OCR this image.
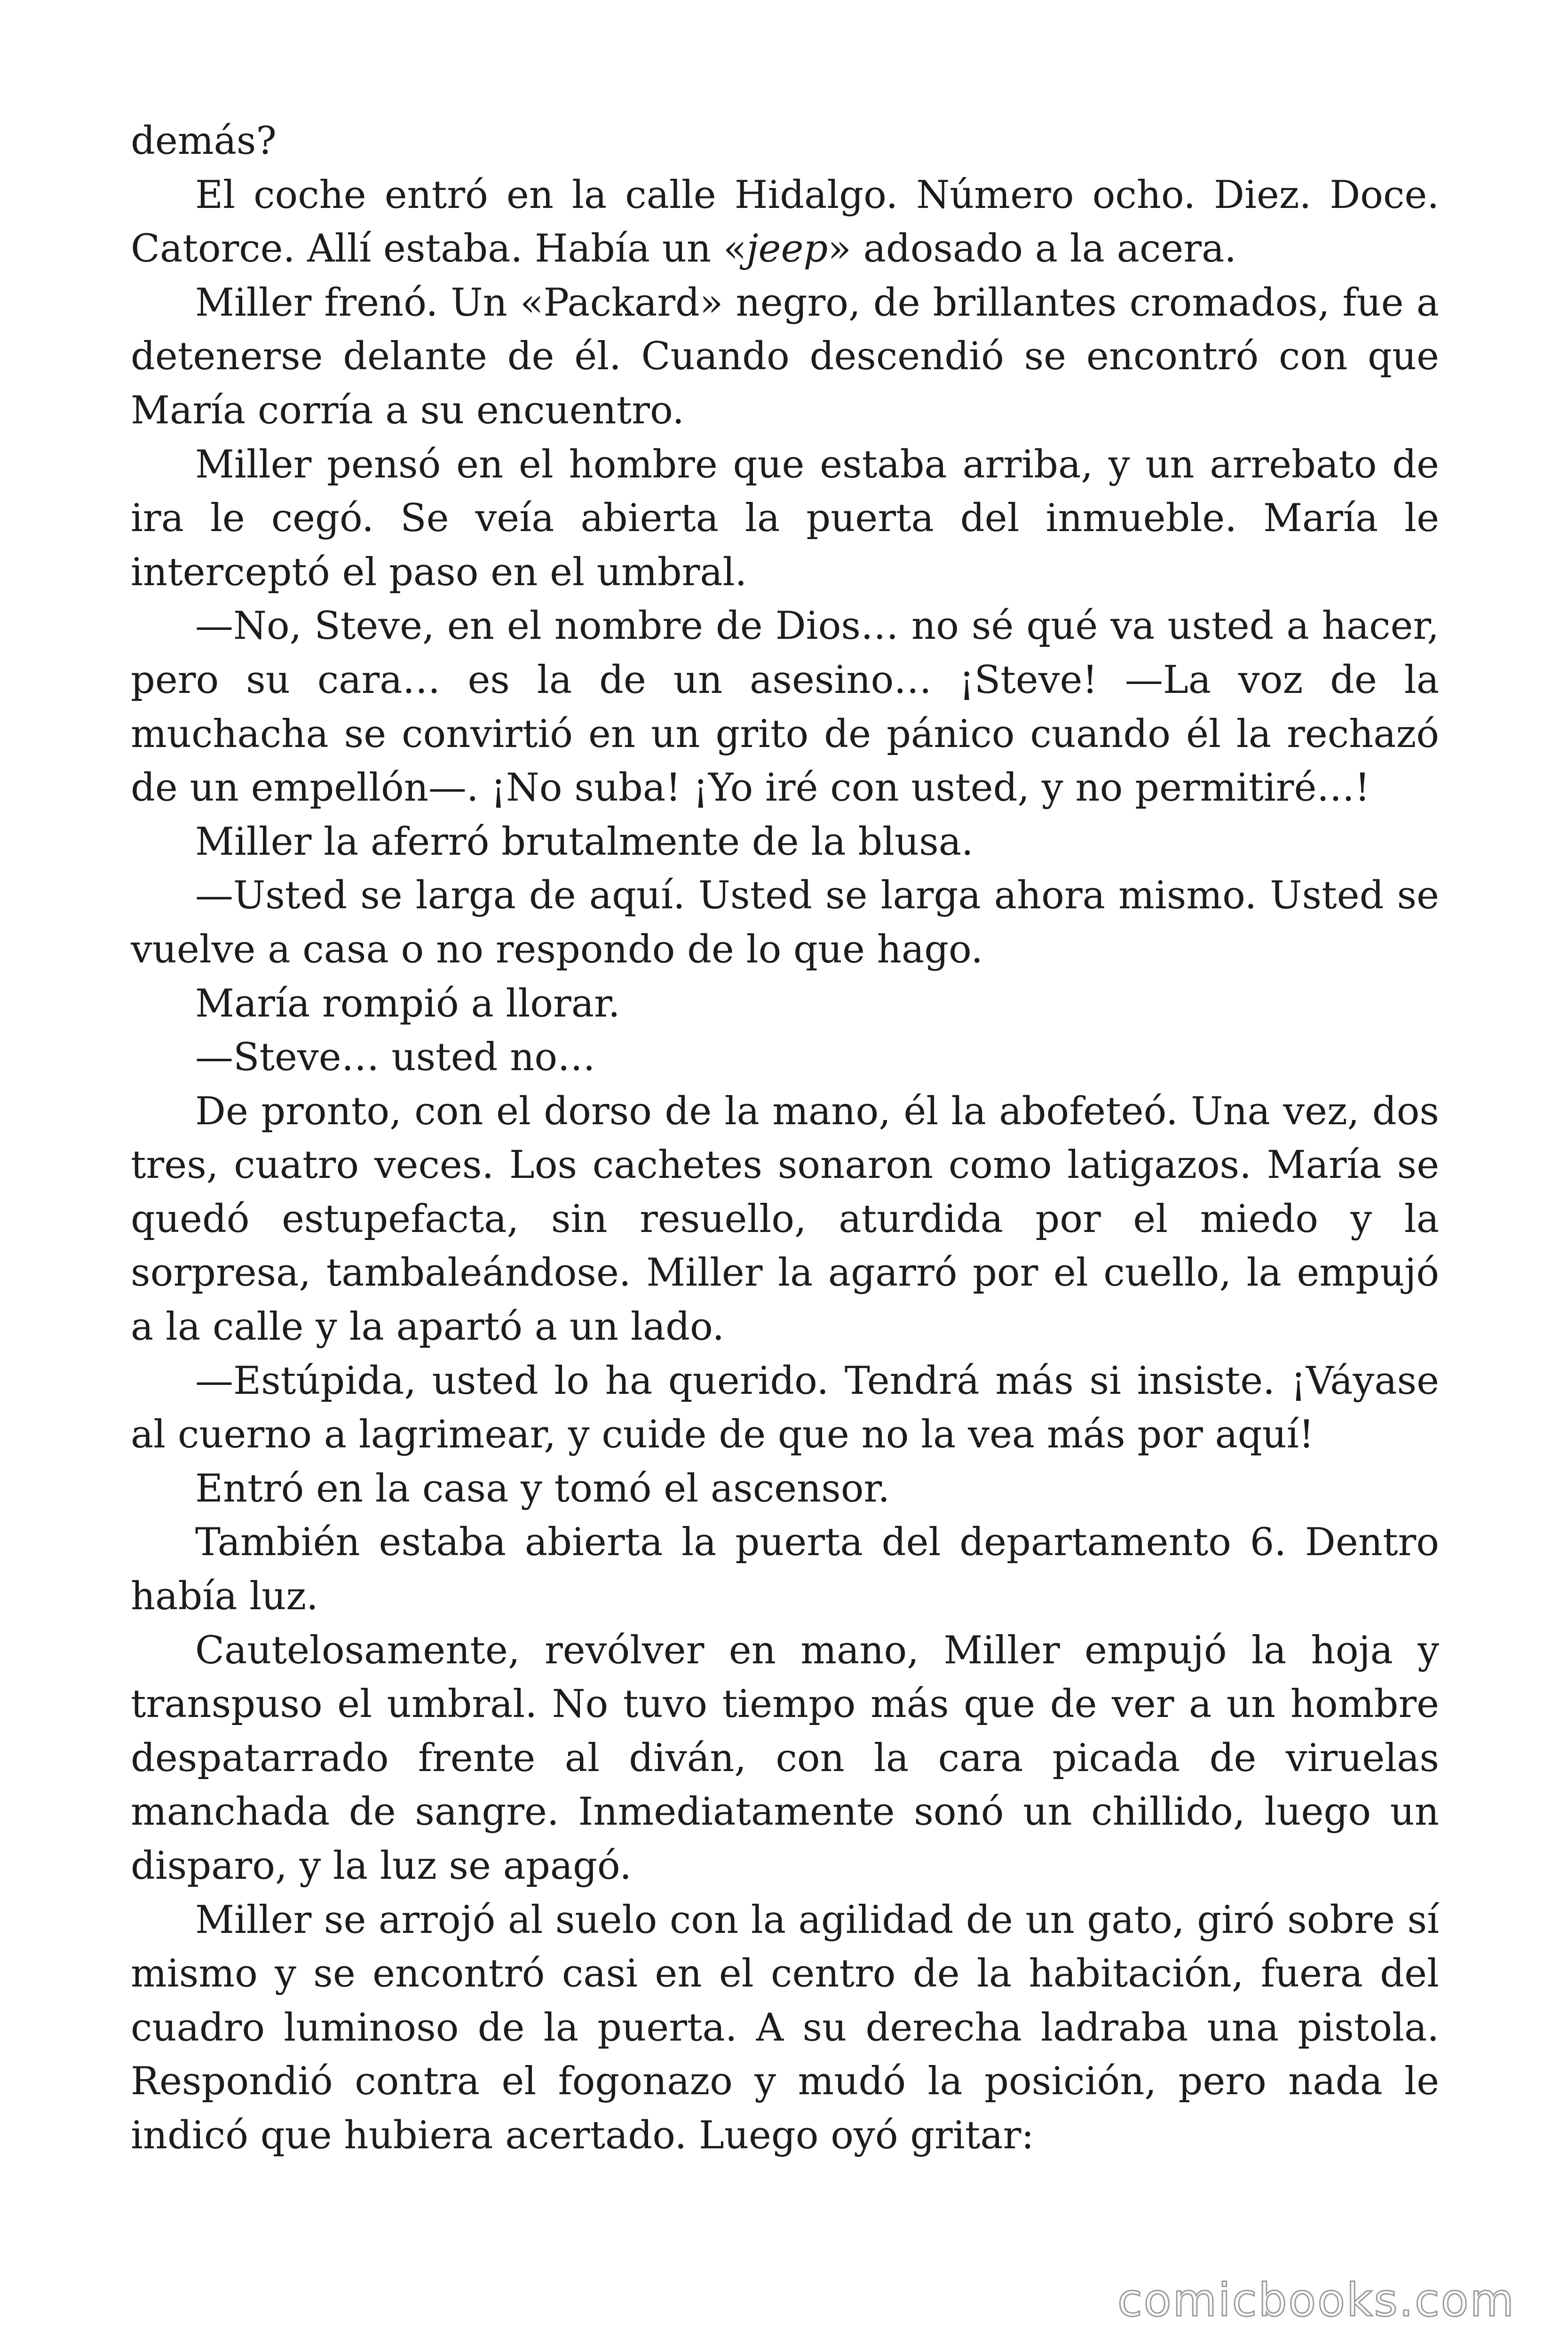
demás?

El coche entró en la calle Hidalgo. Número ocho. Diez. Doce. Catorce. Allí estaba. Había un «jeep» adosado a la acera.

Miller frenó. Un «Packard» negro, de brillantes cromados, fue a detenerse delante de él. Cuando descendió se encontró con que María corría a su encuentro.

Miller pensó en el hombre que estaba arriba, y un arrebato de ira le cegó. Se veía abierta la puerta del inmueble. María le interceptó el paso en el umbral.

—No, Steve, en el nombre de Dios… no sé qué va usted a hacer, pero su cara… es la de un asesino… ¡Steve! —La voz de la muchacha se convirtió en un grito de pánico cuando él la rechazó de un empellón—. ¡No suba! ¡Yo iré con usted, y no permitiré…!

Miller la aferró brutalmente de la blusa.

—Usted se larga de aquí. Usted se larga ahora mismo. Usted se vuelve a casa o no respondo de lo que hago.

María rompió a llorar.

—Steve… usted no…

De pronto, con el dorso de la mano, él la abofeteó. Una vez, dos tres, cuatro veces. Los cachetes sonaron como latigazos. María se quedó estupefacta, sin resuello, aturdida por el miedo y la sorpresa, tambaleándose. Miller la agarró por el cuello, la empujó a la calle y la apartó a un lado.

—Estúpida, usted lo ha querido. Tendrá más si insiste. ¡Váyase al cuerno a lagrimear, y cuide de que no la vea más por aquí!

Entró en la casa y tomó el ascensor.

También estaba abierta la puerta del departamento 6. Dentro había luz.

Cautelosamente, revólver en mano, Miller empujó la hoja y transpuso el umbral. No tuvo tiempo más que de ver a un hombre despatarrado frente al diván, con la cara picada de viruelas manchada de sangre. Inmediatamente sonó un chillido, luego un disparo, y la luz se apagó.

Miller se arrojó al suelo con la agilidad de un gato, giró sobre sí mismo y se encontró casi en el centro de la habitación, fuera del cuadro luminoso de la puerta. A su derecha ladraba una pistola. Respondió contra el fogonazo y mudó la posición, pero nada le indicó que hubiera acertado. Luego oyó gritar:

comicbooks.com
